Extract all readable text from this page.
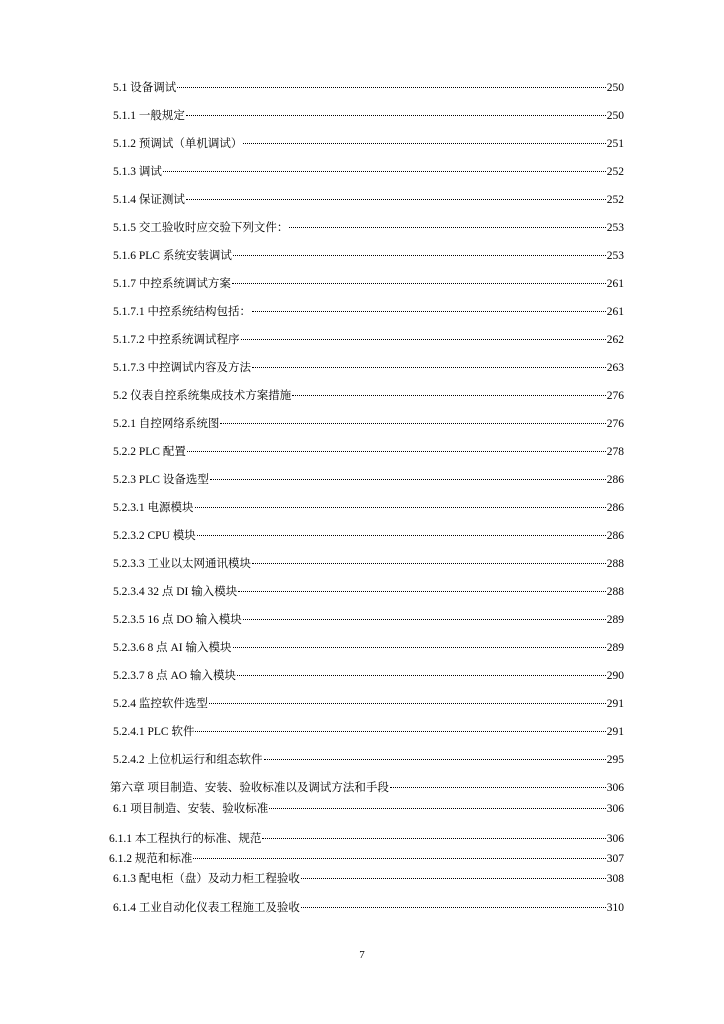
5.1 设备调试	250
5.1.1 一般规定	250
5.1.2 预调试（单机调试）	251
5.1.3 调试	252
5.1.4 保证测试	252
5.1.5 交工验收时应交验下列文件：	253
5.1.6 PLC 系统安装调试	253
5.1.7 中控系统调试方案	261
5.1.7.1 中控系统结构包括：	261
5.1.7.2 中控系统调试程序	262
5.1.7.3 中控调试内容及方法	263
5.2 仪表自控系统集成技术方案措施	276
5.2.1 自控网络系统图	276
5.2.2 PLC 配置	278
5.2.3 PLC 设备选型	286
5.2.3.1 电源模块	286
5.2.3.2 CPU 模块	286
5.2.3.3 工业以太网通讯模块	288
5.2.3.4 32 点 DI 输入模块	288
5.2.3.5 16 点 DO 输入模块	289
5.2.3.6 8 点 AI 输入模块	289
5.2.3.7 8 点 AO 输入模块	290
5.2.4 监控软件选型	291
5.2.4.1 PLC 软件	291
5.2.4.2 上位机运行和组态软件	295
第六章 项目制造、安装、验收标准以及调试方法和手段	306
6.1 项目制造、安装、验收标准	306
6.1.1 本工程执行的标准、规范	306
6.1.2 规范和标准	307
6.1.3 配电柜（盘）及动力柜工程验收	308
6.1.4 工业自动化仪表工程施工及验收	310
7
